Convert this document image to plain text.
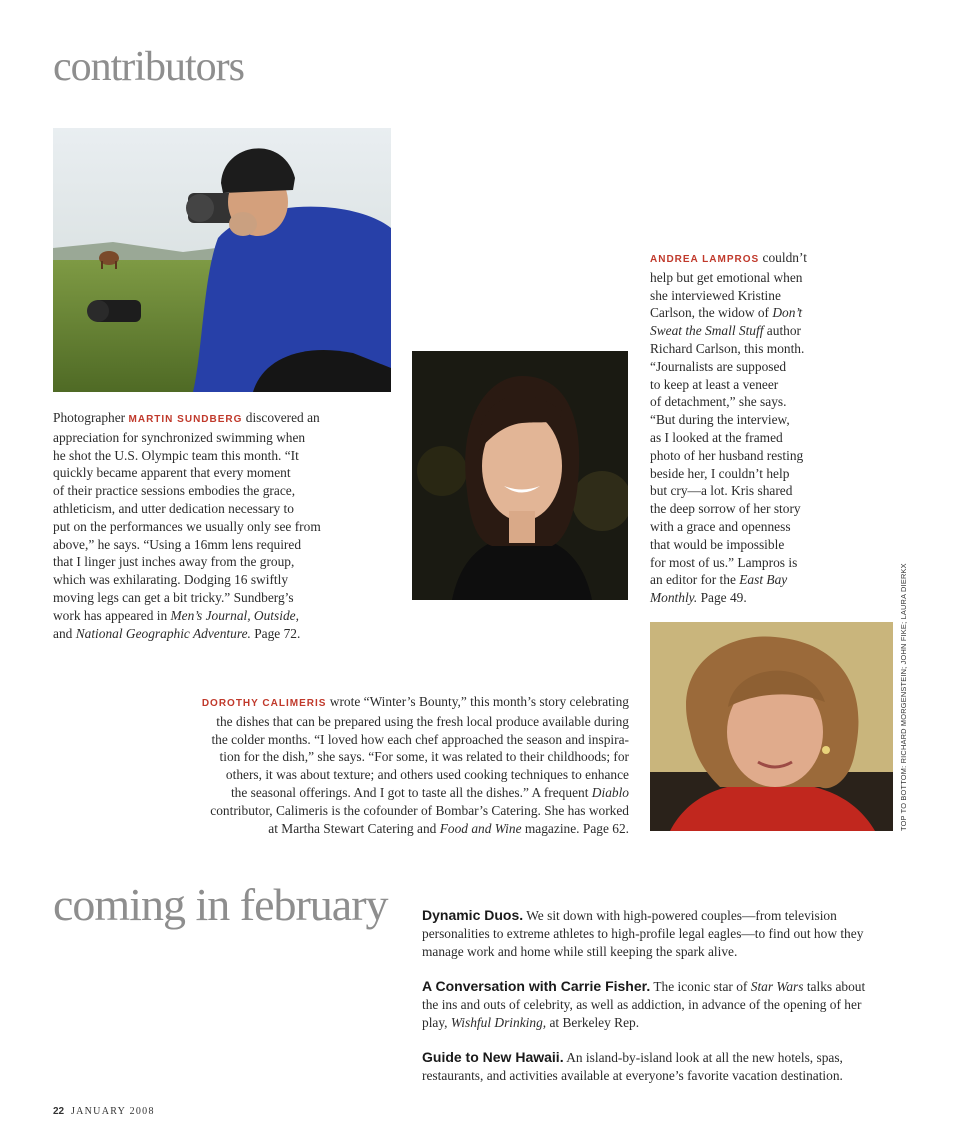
contributors

Photographer MARTIN SUNDBERG discovered an
appreciation for synchronized swimming when
he shot the U.S. Olympic team this month. “It
quickly became apparent that every moment
of their practice sessions embodies the grace,
athleticism, and utter dedication necessary to
put on the performances we usually only see from
above,” he says. “Using a 16mm lens required
that I linger just inches away from the group,
which was exhilarating. Dodging 16 swiftly
moving legs can get a bit tricky.” Sundberg’s
work has appeared in Men’s Journal, Outside,
and National Geographic Adventure. Page 72.

ANDREA LAMPROS couldn’t
help but get emotional when
she interviewed Kristine
Carlson, the widow of Don’t
Sweat the Small Stuff author
Richard Carlson, this month.
“Journalists are supposed
to keep at least a veneer
of detachment,” she says.
“But during the interview,
as I looked at the framed
photo of her husband resting
beside her, I couldn’t help
but cry—a lot. Kris shared
the deep sorrow of her story
with a grace and openness
that would be impossible
for most of us.” Lampros is
an editor for the East Bay
Monthly. Page 49.

DOROTHY CALIMERIS wrote “Winter’s Bounty,” this month’s story celebrating
the dishes that can be prepared using the fresh local produce available during
the colder months. “I loved how each chef approached the season and inspira-
tion for the dish,” she says. “For some, it was related to their childhoods; for
others, it was about texture; and others used cooking techniques to enhance
the seasonal offerings. And I got to taste all the dishes.” A frequent Diablo
contributor, Calimeris is the cofounder of Bombar’s Catering. She has worked
at Martha Stewart Catering and Food and Wine magazine. Page 62.	TOP TO BOTTOM: RICHARD MORGENSTEIN; JOHN FIKE; LAURA DIERKX
coming in february Dynamic Duos. We sit down with high-powered couples—from television personalities to extreme athletes to high-profile legal eagles—to find out how they manage work and home while still keeping the spark alive.

A Conversation with Carrie Fisher. The iconic star of Star Wars talks about the ins and outs of celebrity, as well as addiction, in advance of the opening of her play, Wishful Drinking, at Berkeley Rep.

Guide to New Hawaii. An island-by-island look at all the new hotels, spas, restaurants, and activities available at everyone’s favorite vacation destination.

22 JANUARY 2008
